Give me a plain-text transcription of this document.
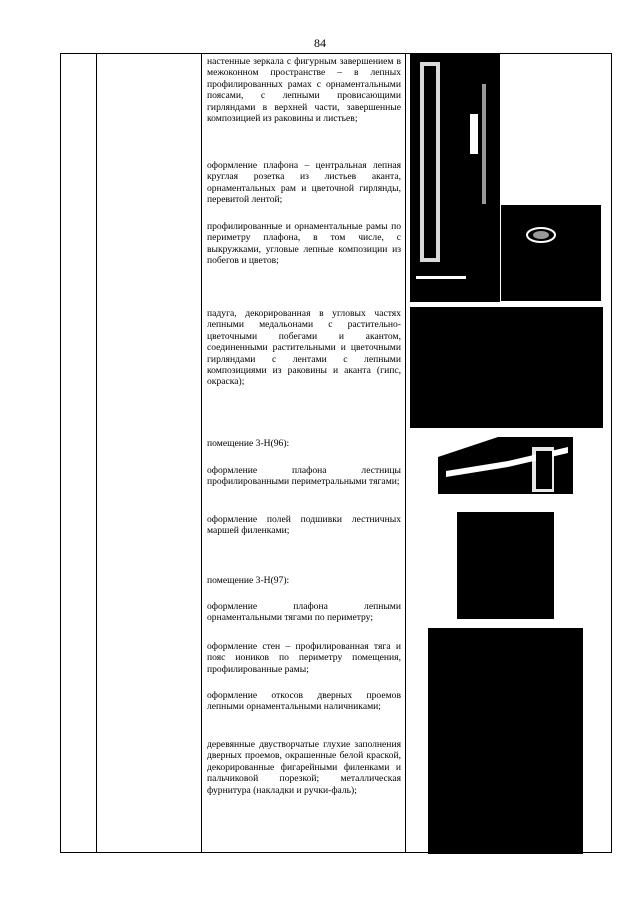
84

настенные зеркала с фигурным завершением в межоконном пространстве – в лепных профилированных рамах с орнаментальными поясами, с лепными провисающими гирляндами в верхней части, завершенные композицией из раковины и листьев;

оформление плафона – центральная лепная круглая розетка из листьев аканта, орнаментальных рам и цветочной гирлянды, перевитой лентой;

профилированные и орнаментальные рамы по периметру плафона, в том числе, с выкружками, угловые лепные композиции из побегов и цветов;

падуга, декорированная в угловых частях лепными медальонами с растительно-цветочными побегами и акантом, соединенными растительными и цветочными гирляндами с лентами с лепными композициями из раковины и аканта (гипс, окраска);

помещение 3-Н(96):

оформление плафона лестницы профилированными периметральными тягами;

оформление полей подшивки лестничных маршей филенками;

помещение 3-Н(97):

оформление плафона лепными орнаментальными тягами по периметру;

оформление стен – профилированная тяга и пояс иоников по периметру помещения, профилированные рамы;

оформление откосов дверных проемов лепными орнаментальными наличниками;

деревянные двустворчатые глухие заполнения дверных проемов, окрашенные белой краской, декорированные фигарейными филенками и пальчиковой порезкой; металлическая фурнитура (накладки и ручки-фаль);
